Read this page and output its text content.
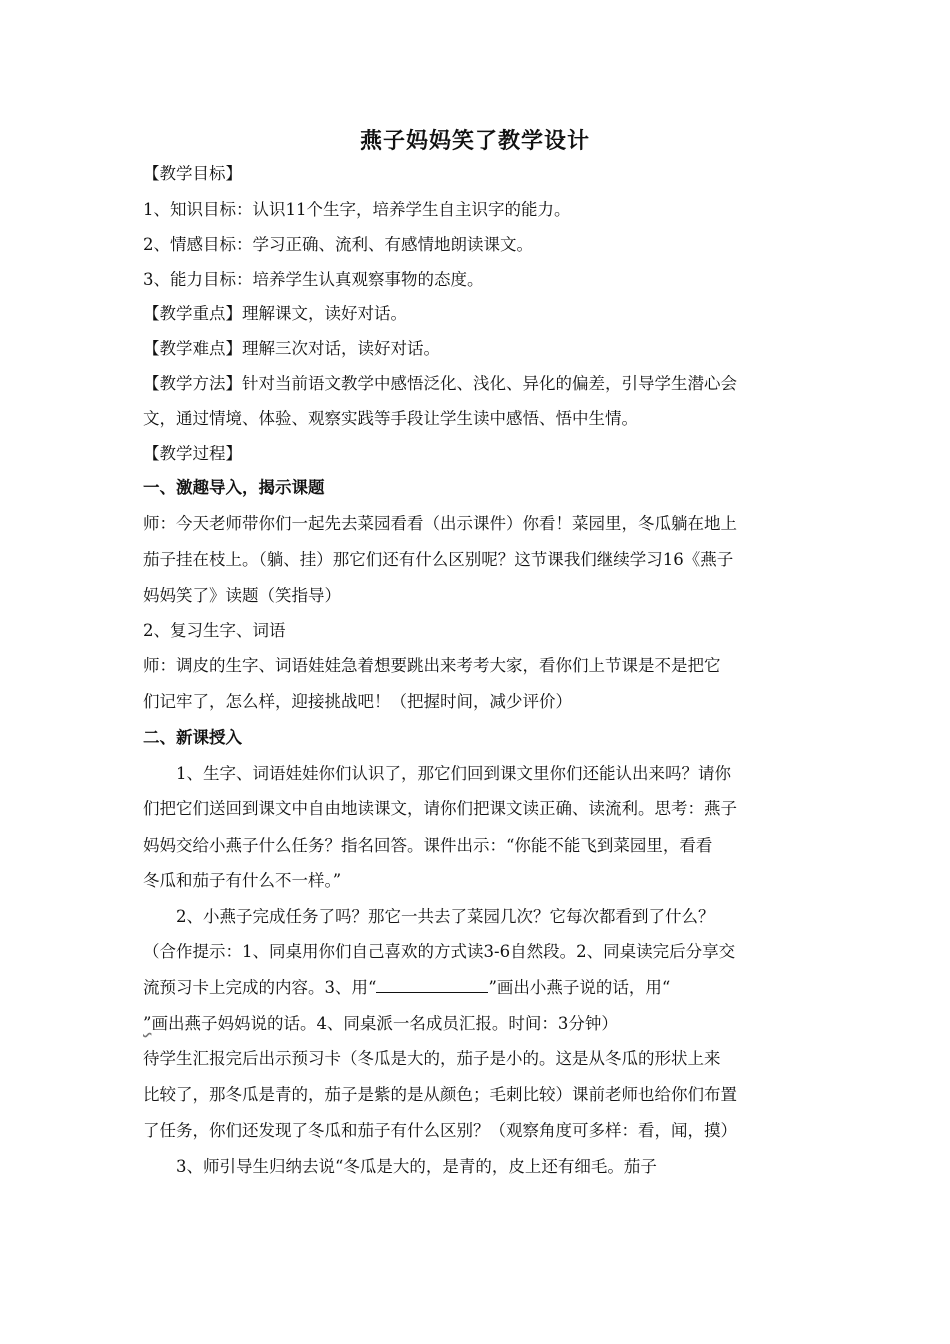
燕子妈妈笑了教学设计
【教学目标】
1、知识目标：认识11个生字，培养学生自主识字的能力。
2、情感目标：学习正确、流利、有感情地朗读课文。
3、能力目标：培养学生认真观察事物的态度。
【教学重点】理解课文，读好对话。
【教学难点】理解三次对话，读好对话。
【教学方法】针对当前语文教学中感悟泛化、浅化、异化的偏差，引导学生潜心会
文，通过情境、体验、观察实践等手段让学生读中感悟、悟中生情。
【教学过程】
一、激趣导入，揭示课题
师：今天老师带你们一起先去菜园看看（出示课件）你看！菜园里，冬瓜躺在地上
茄子挂在枝上。（躺、挂）那它们还有什么区别呢？这节课我们继续学习16《燕子
妈妈笑了》读题（笑指导）
2、复习生字、词语
师：调皮的生字、词语娃娃急着想要跳出来考考大家，看你们上节课是不是把它
们记牢了，怎么样，迎接挑战吧！（把握时间，减少评价）
二、新课授入
1、生字、词语娃娃你们认识了，那它们回到课文里你们还能认出来吗？请你
们把它们送回到课文中自由地读课文，请你们把课文读正确、读流利。思考：燕子
妈妈交给小燕子什么任务？指名回答。课件出示：“你能不能飞到菜园里，看看
冬瓜和茄子有什么不一样。”
2、小燕子完成任务了吗？那它一共去了菜园几次？它每次都看到了什么？
（合作提示：1、同桌用你们自己喜欢的方式读3-6自然段。2、同桌读完后分享交
流预习卡上完成的内容。3、用“	”画出小燕子说的话，用“
”画出燕子妈妈说的话。4、同桌派一名成员汇报。时间：3分钟）
待学生汇报完后出示预习卡（冬瓜是大的，茄子是小的。这是从冬瓜的形状上来
比较了，那冬瓜是青的，茄子是紫的是从颜色；毛刺比较）课前老师也给你们布置
了任务，你们还发现了冬瓜和茄子有什么区别？（观察角度可多样：看，闻，摸）
3、师引导生归纳去说“冬瓜是大的，是青的，皮上还有细毛。茄子
